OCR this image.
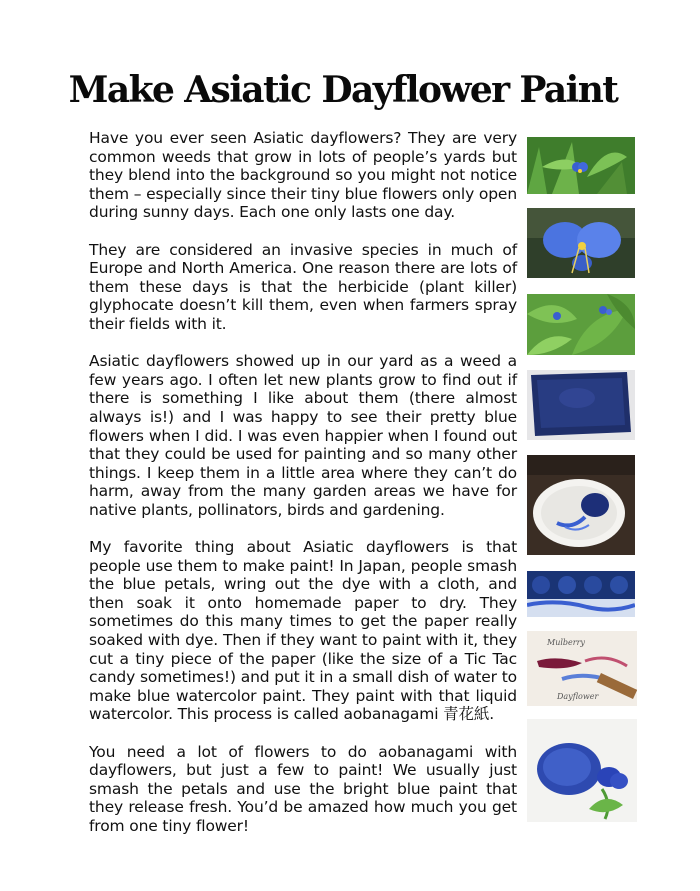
Make Asiatic Dayflower Paint

Have you ever seen Asiatic dayflowers? They are very common weeds that grow in lots of people’s yards but they blend into the background so you might not notice them – especially since their tiny blue flowers only open during sunny days. Each one only lasts one day.

They are considered an invasive species in much of Europe and North America. One reason there are lots of them these days is that the herbicide (plant killer) glyphocate doesn’t kill them, even when farmers spray their fields with it.

Asiatic dayflowers showed up in our yard as a weed a few years ago. I often let new plants grow to find out if there is something I like about them (there almost always is!) and I was happy to see their pretty blue flowers when I did. I was even happier when I found out that they could be used for painting and so many other things. I keep them in a little area where they can’t do harm, away from the many garden areas we have for native plants, pollinators, birds and gardening.

My favorite thing about Asiatic dayflowers is that people use them to make paint! In Japan, people smash the blue petals, wring out the dye with a cloth, and then soak it onto homemade paper to dry. They sometimes do this many times to get the paper really soaked with dye. Then if they want to paint with it, they cut a tiny piece of the paper (like the size of a Tic Tac candy sometimes!) and put it in a small dish of water to make blue watercolor paint. They paint with that liquid watercolor. This process is called aobanagami 青花紙.

You need a lot of flowers to do aobanagami with dayflowers, but just a few to paint! We usually just smash the petals and use the bright blue paint that they release fresh. You’d be amazed how much you get from one tiny flower!

Mulberry
Dayflower
